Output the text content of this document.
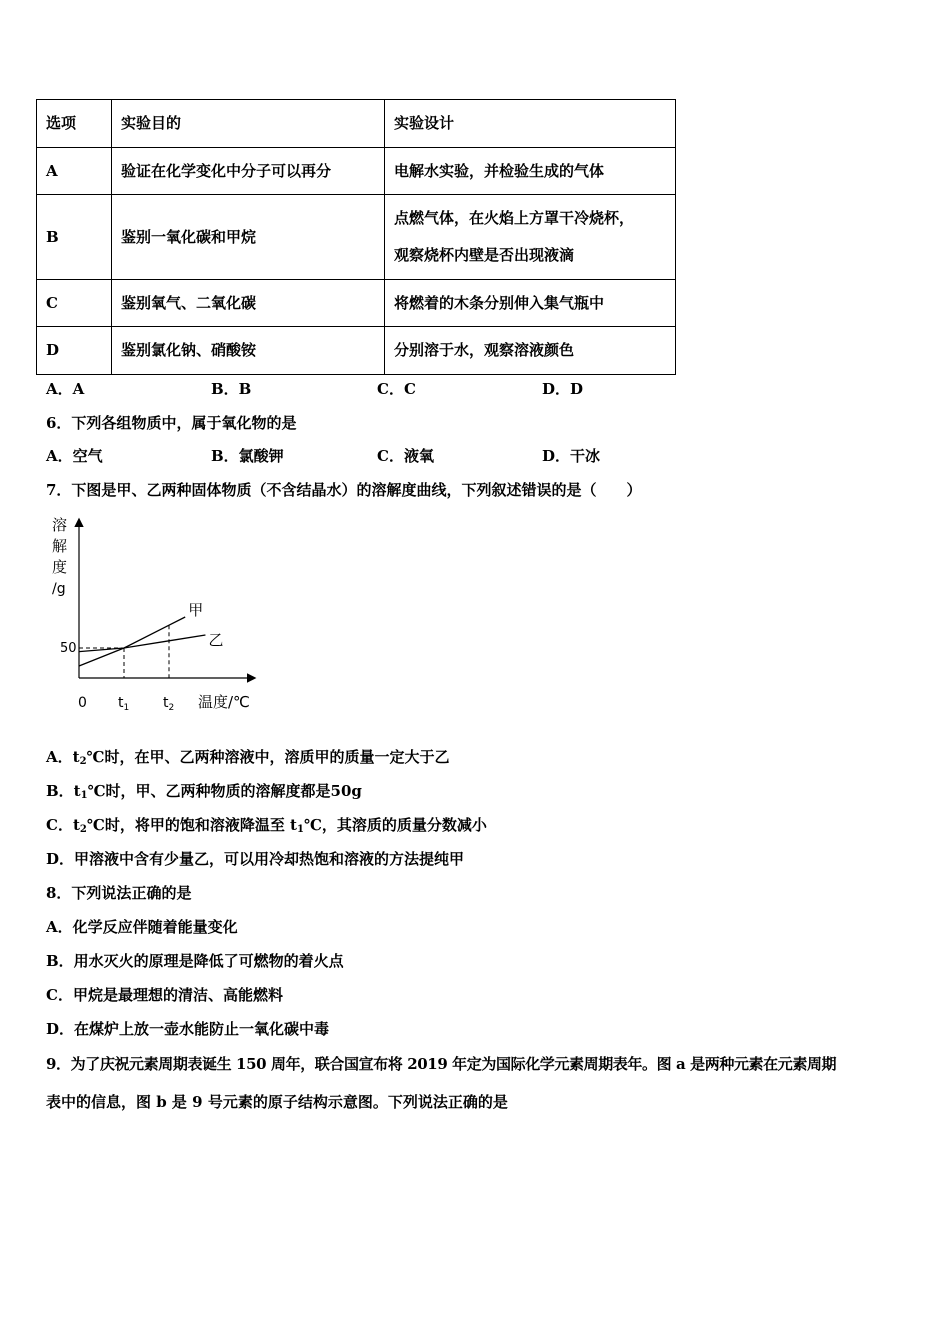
选项	实验目的	实验设计
A	验证在化学变化中分子可以再分	电解水实验，并检验生成的气体
B	鉴别一氧化碳和甲烷	点燃气体，在火焰上方罩干冷烧杯，
观察烧杯内壁是否出现液滴

C	鉴别氧气、二氧化碳	将燃着的木条分别伸入集气瓶中
D	鉴别氯化钠、硝酸铵	分别溶于水，观察溶液颜色
A．A	B．B	C．C	D．D
6．下列各组物质中，属于氧化物的是
A．空气	B．氯酸钾	C．液氧	D．干冰
7．下图是甲、乙两种固体物质（不含结晶水）的溶解度曲线，下列叙述错误的是（　　）
溶
解
度
/g
温度/℃
0
50
$t_1$ $t_2$
甲
乙
A．$t_2℃$时，在甲、乙两种溶液中，溶质甲的质量一定大于乙
B．$t_1℃$时，甲、乙两种物质的溶解度都是50g
C．$t_2℃$时，将甲的饱和溶液降温至 $t_1℃$，其溶质的质量分数减小
D．甲溶液中含有少量乙，可以用冷却热饱和溶液的方法提纯甲
8．下列说法正确的是
A．化学反应伴随着能量变化
B．用水灭火的原理是降低了可燃物的着火点
C．甲烷是最理想的清洁、高能燃料
D．在煤炉上放一壶水能防止一氧化碳中毒
9．为了庆祝元素周期表诞生 150 周年，联合国宣布将 2019 年定为国际化学元素周期表年。图 a 是两种元素在元素周期
表中的信息，图 b 是 9 号元素的原子结构示意图。下列说法正确的是
